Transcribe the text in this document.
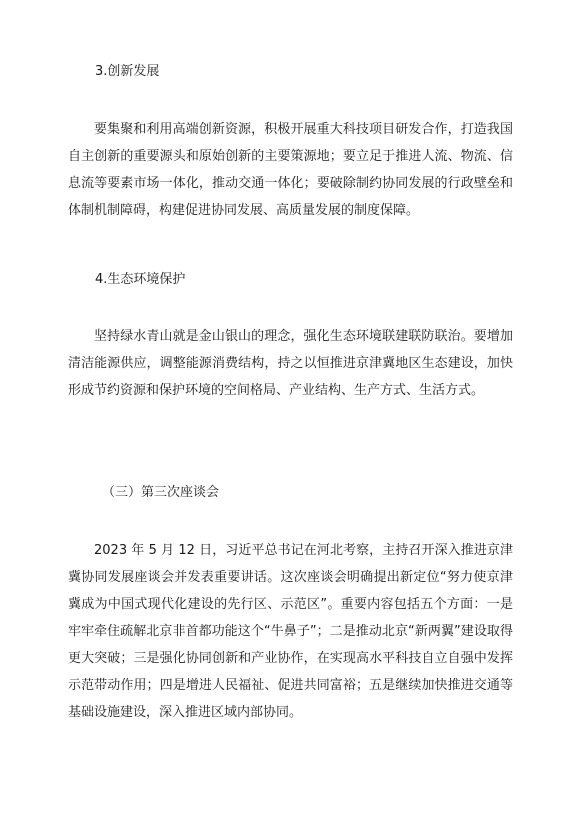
3.创新发展

要集聚和利用高端创新资源，积极开展重大科技项目研发合作，打造我国自主创新的重要源头和原始创新的主要策源地；要立足于推进人流、物流、信息流等要素市场一体化，推动交通一体化；要破除制约协同发展的行政壁垒和体制机制障碍，构建促进协同发展、高质量发展的制度保障。

4.生态环境保护

坚持绿水青山就是金山银山的理念，强化生态环境联建联防联治。要增加清洁能源供应，调整能源消费结构，持之以恒推进京津冀地区生态建设，加快形成节约资源和保护环境的空间格局、产业结构、生产方式、生活方式。

（三）第三次座谈会

2023 年 5 月 12 日，习近平总书记在河北考察，主持召开深入推进京津冀协同发展座谈会并发表重要讲话。这次座谈会明确提出新定位“努力使京津冀成为中国式现代化建设的先行区、示范区”。重要内容包括五个方面：一是牢牢牵住疏解北京非首都功能这个“牛鼻子”；二是推动北京“新两翼”建设取得更大突破；三是强化协同创新和产业协作，在实现高水平科技自立自强中发挥示范带动作用；四是增进人民福祉、促进共同富裕；五是继续加快推进交通等基础设施建设，深入推进区域内部协同。
